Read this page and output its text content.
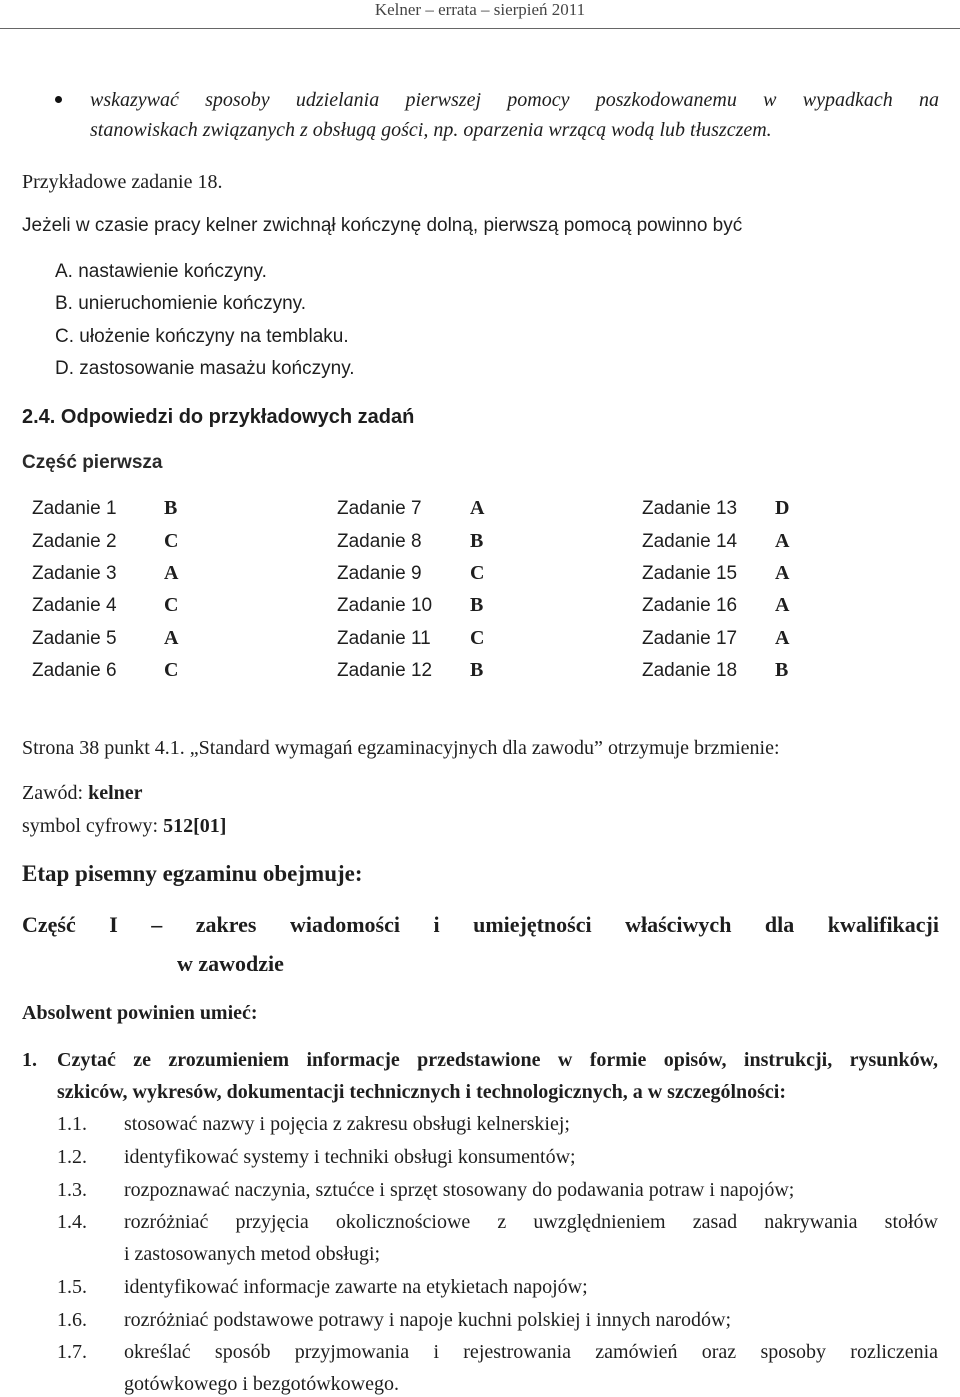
Kelner – errata – sierpień 2011
wskazywać sposoby udzielania pierwszej pomocy poszkodowanemu w wypadkach na
stanowiskach związanych z obsługą gości, np. oparzenia wrzącą wodą lub tłuszczem.
Przykładowe zadanie 18.
Jeżeli w czasie pracy kelner zwichnął kończynę dolną, pierwszą pomocą powinno być
A. nastawienie kończyny.
B. unieruchomienie kończyny.
C. ułożenie kończyny na temblaku.
D. zastosowanie masażu kończyny.
2.4. Odpowiedzi do przykładowych zadań
Część pierwsza
Zadanie 1 B
Zadanie 2 C
Zadanie 3 A
Zadanie 4 C
Zadanie 5 A
Zadanie 6 C
Zadanie 7 A
Zadanie 8 B
Zadanie 9 C
Zadanie 10 B
Zadanie 11 C
Zadanie 12 B
Zadanie 13 D
Zadanie 14 A
Zadanie 15 A
Zadanie 16 A
Zadanie 17 A
Zadanie 18 B
Strona 38 punkt 4.1. „Standard wymagań egzaminacyjnych dla zawodu” otrzymuje brzmienie:
Zawód: kelner
symbol cyfrowy: 512[01]
Etap pisemny egzaminu obejmuje:
Część I – zakres wiadomości i umiejętności właściwych dla kwalifikacji
w zawodzie
Absolwent powinien umieć:
1. Czytać ze zrozumieniem informacje przedstawione w formie opisów, instrukcji, rysunków,
szkiców, wykresów, dokumentacji technicznych i technologicznych, a w szczególności:
1.1. stosować nazwy i pojęcia z zakresu obsługi kelnerskiej;
1.2. identyfikować systemy i techniki obsługi konsumentów;
1.3. rozpoznawać naczynia, sztućce i sprzęt stosowany do podawania potraw i napojów;
1.4. rozróżniać przyjęcia okolicznościowe z uwzględnieniem zasad nakrywania stołów
i zastosowanych metod obsługi;
1.5. identyfikować informacje zawarte na etykietach napojów;
1.6. rozróżniać podstawowe potrawy i napoje kuchni polskiej i innych narodów;
1.7. określać sposób przyjmowania i rejestrowania zamówień oraz sposoby rozliczenia
gotówkowego i bezgotówkowego.
